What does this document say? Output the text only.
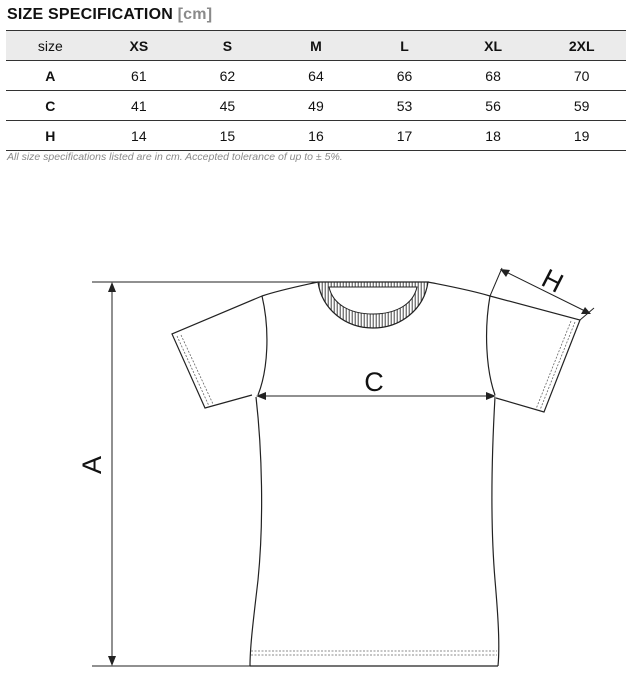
SIZE SPECIFICATION [cm]
size	XS	S	M	L	XL	2XL
A	61	62	64	66	68	70
C	41	45	49	53	56	59
H	14	15	16	17	18	19
All size specifications listed are in cm. Accepted tolerance of up to ± 5%.
A
C
H
